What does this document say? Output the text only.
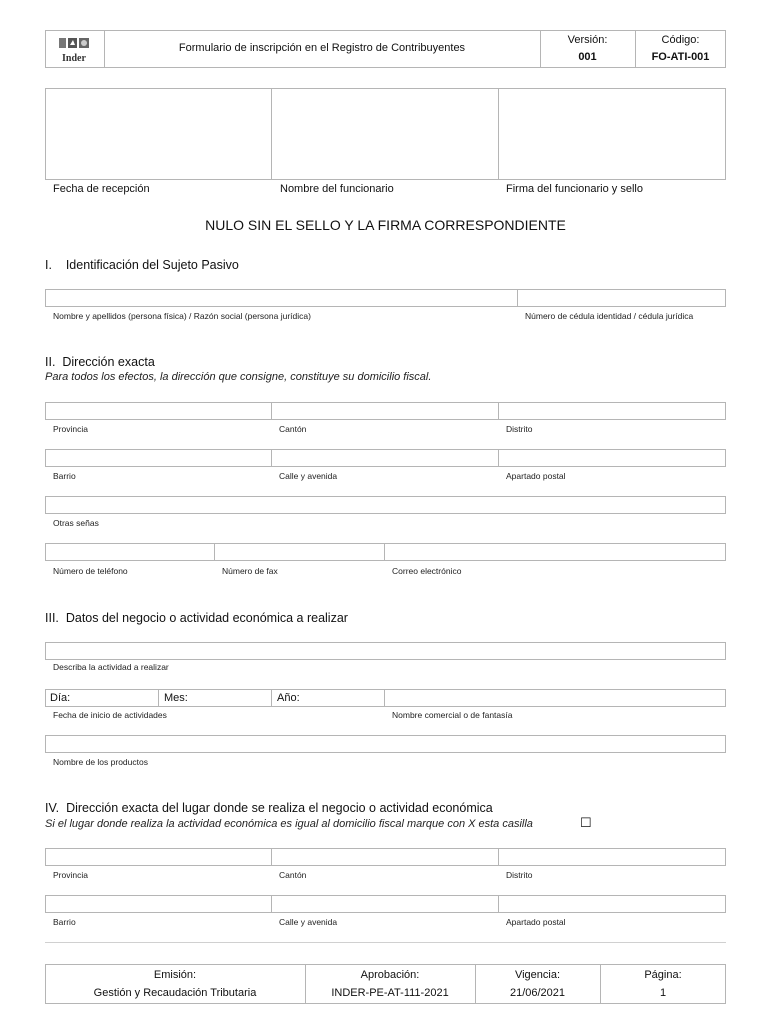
Inder
Formulario de inscripción en el Registro de Contribuyentes
Versión:
001
Código:
FO-ATI-001
Fecha de recepción	Nombre del funcionario	Firma del funcionario y sello
NULO SIN EL SELLO Y LA FIRMA CORRESPONDIENTE
I.    Identificación del Sujeto Pasivo
Nombre y apellidos (persona física) / Razón social (persona jurídica)	Número de cédula identidad / cédula jurídica
II.  Dirección exacta
Para todos los efectos, la dirección que consigne, constituye su domicilio fiscal.
Provincia	Cantón	Distrito
Barrio	Calle y avenida	Apartado postal
Otras señas
Número de teléfono	Número de fax	Correo electrónico
III.  Datos del negocio o actividad económica a realizar
Describa la actividad a realizar
Día:	Mes:	Año:
Fecha de inicio de actividades	Nombre comercial o de fantasía
Nombre de los productos
IV.  Dirección exacta del lugar donde se realiza el negocio o actividad económica
Si el lugar donde realiza la actividad económica es igual al domicilio fiscal marque con X esta casilla	☐
Provincia	Cantón	Distrito
Barrio	Calle y avenida	Apartado postal
Emisión:
Gestión y Recaudación Tributaria
Aprobación:
INDER-PE-AT-111-2021
Vigencia:
21/06/2021
Página:
1
